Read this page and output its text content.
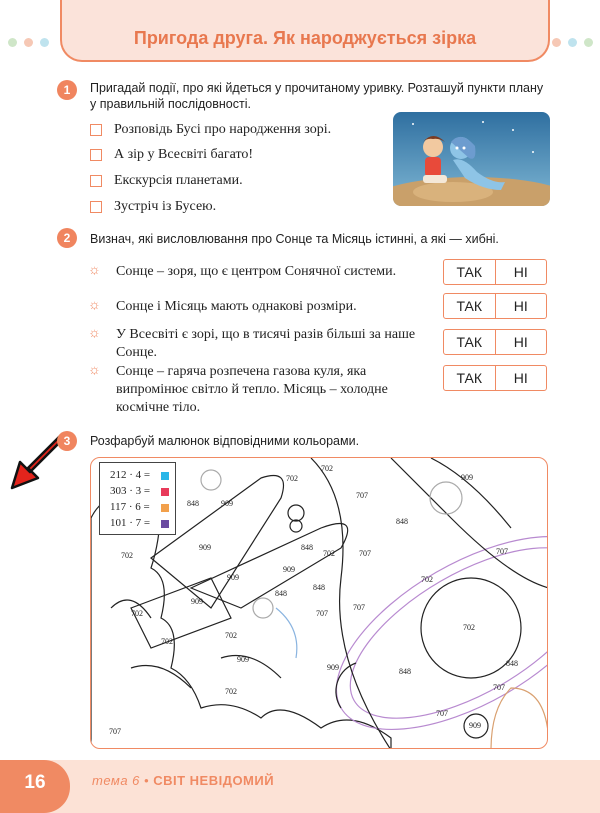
Пригода друга. Як народжується зірка
1	Пригадай події, про які йдеться у прочитаному уривку. Розташуй пункти плану у правильній послідовності.
Розповідь Бусі про народження зорі.
А зір у Всесвіті багато!
Екскурсія планетами.
Зустріч із Бусею.
2	Визнач, які висловлювання про Сонце та Місяць істинні, а які — хибні.
☼ Сонце – зоря, що є центром Сонячної системи.	ТАК	НІ
☼ Сонце і Місяць мають однакові розміри.	ТАК	НІ
☼ У Всесвіті є зорі, що в тисячі разів більші за наше Сонце.
ТАК	НІ
☼ Сонце – гаряча розпечена газова куля, яка випромінює світло й тепло. Місяць – холодне космічне тіло.
ТАК	НІ
3	Розфарбуй малюнок відповідними кольорами.
702
702
909
848	909
707
848
909	848
702	707
702
909
909
848
848
702
707
909
702
707
702
707
702
702
909
909	848
848
702
707
707
909
707
212 · 4 =
303 · 3 =
117 · 6 =
101 · 7 =
16	тема 6 • СВІТ НЕВІДОМИЙ
